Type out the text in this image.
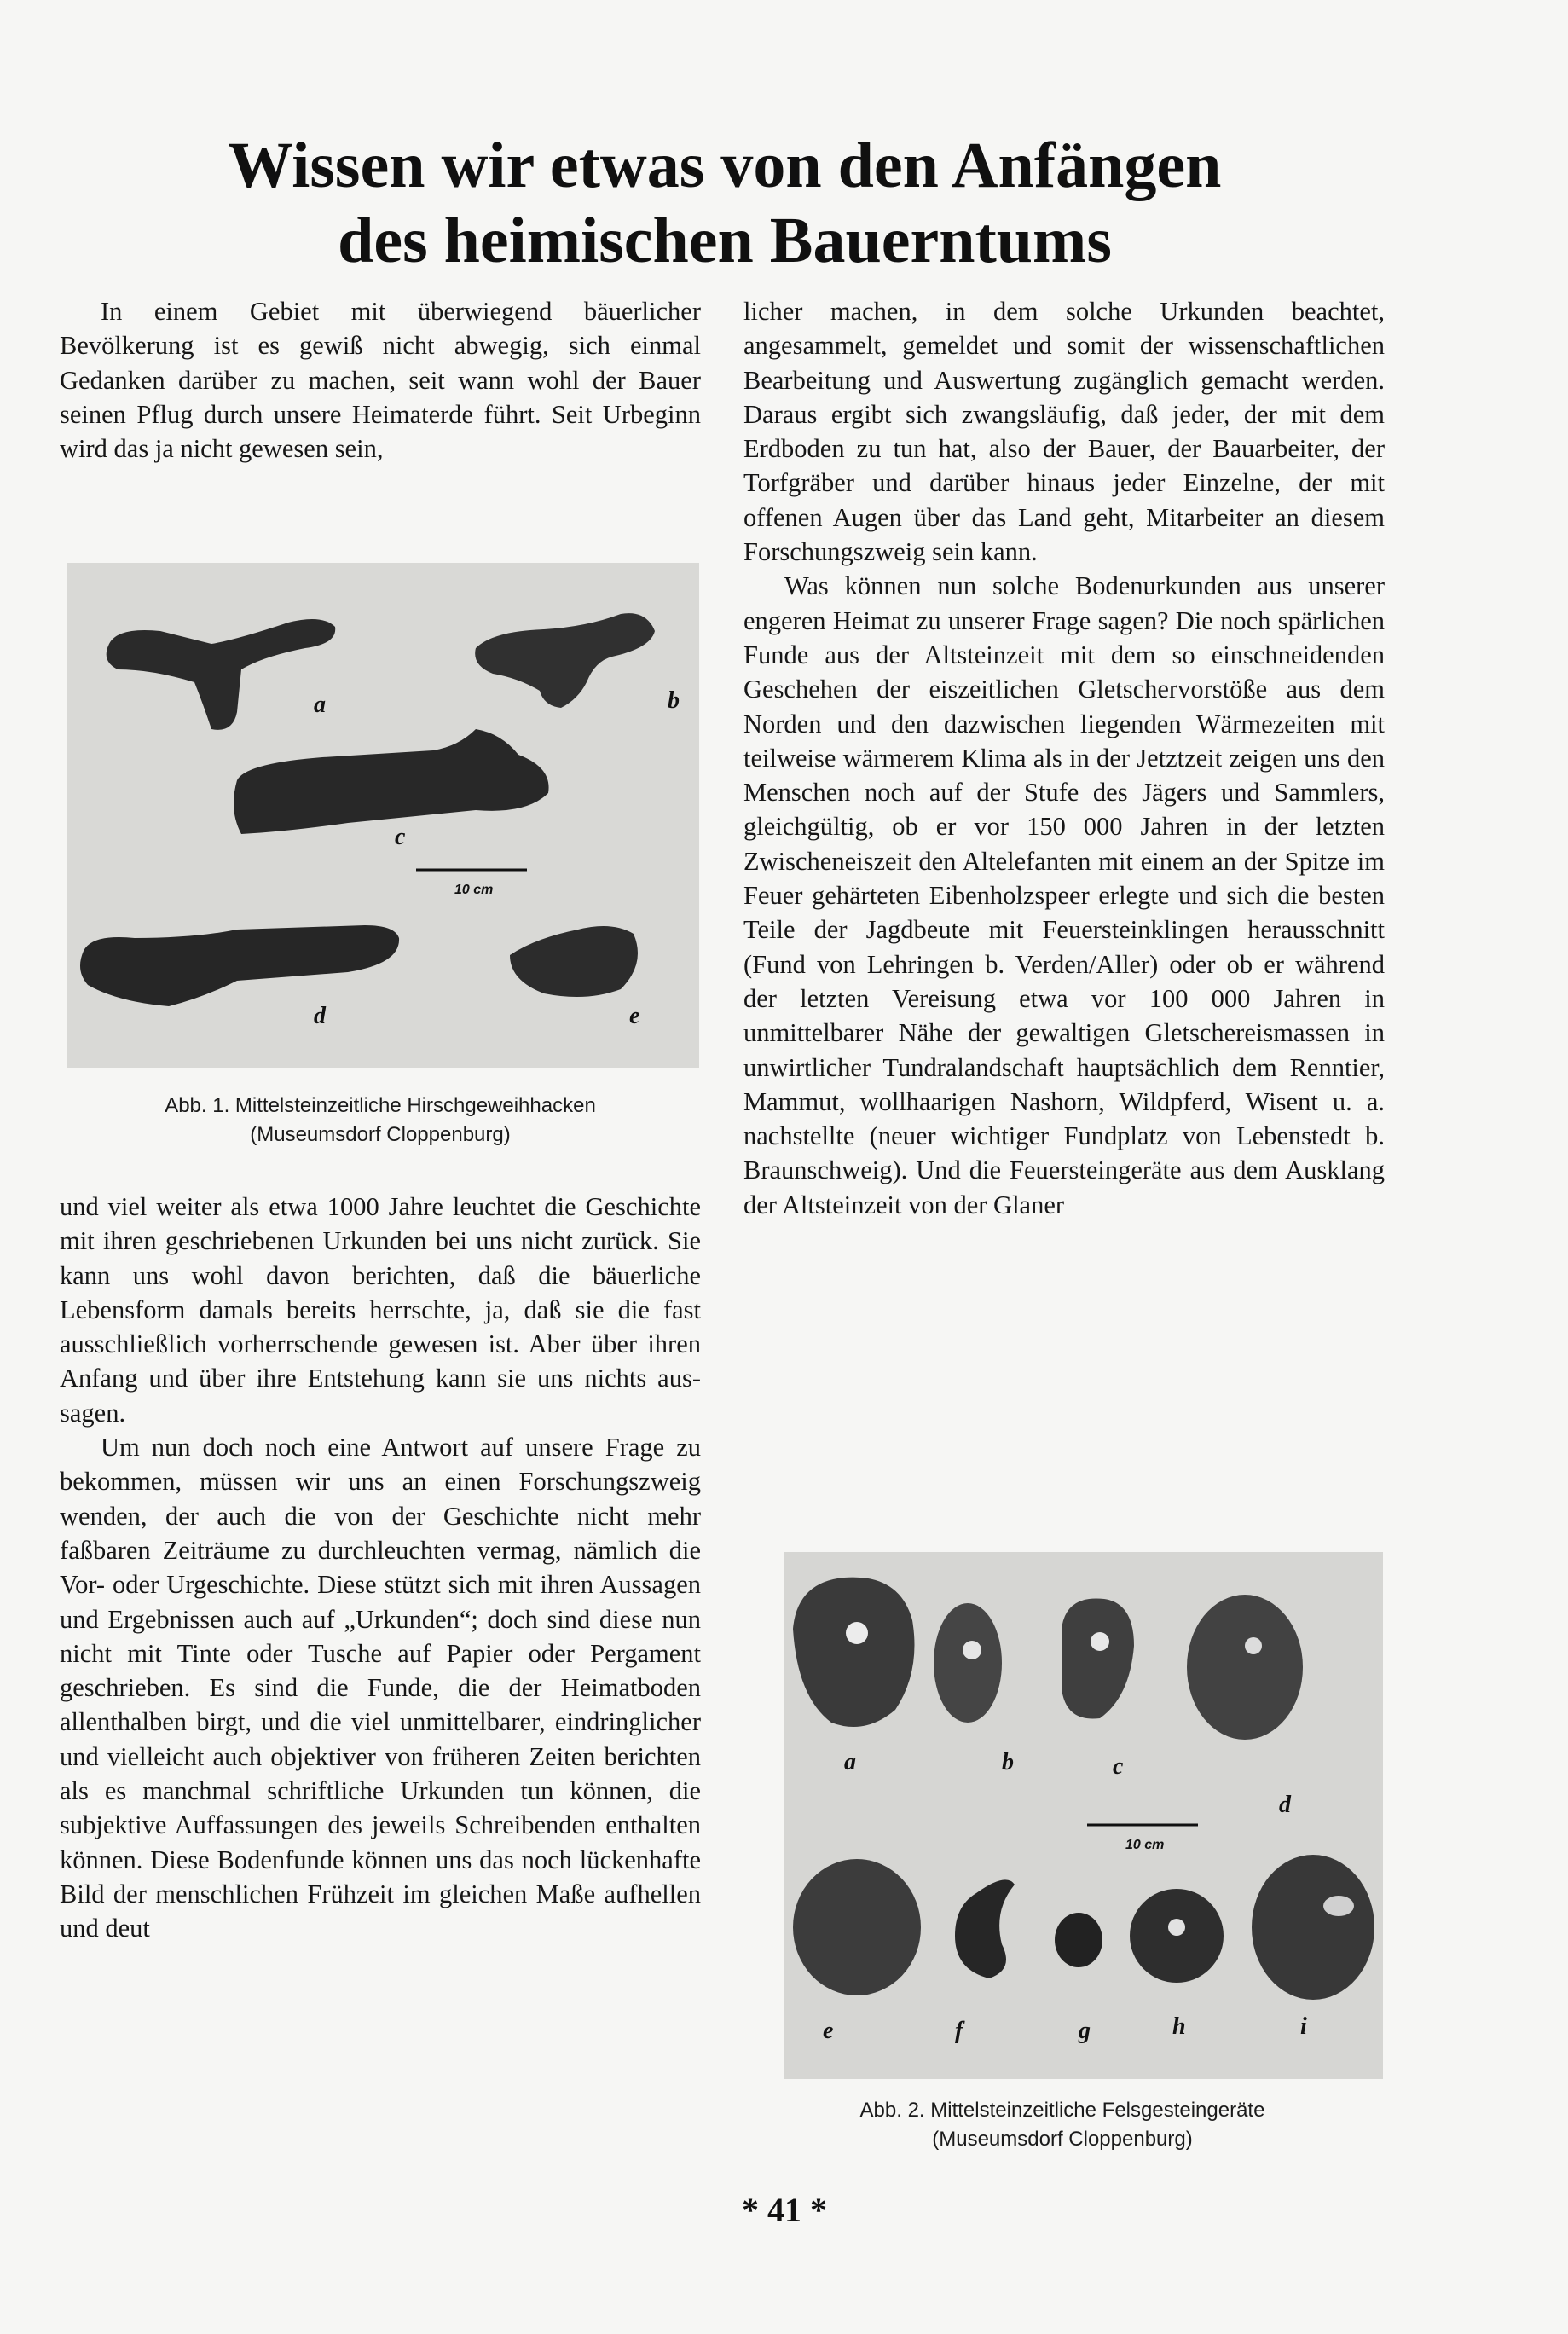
Wissen wir etwas von den Anfängen
des heimischen Bauerntums

In einem Gebiet mit überwiegend bäuerlicher Bevölkerung ist es gewiß nicht abwegig, sich einmal Gedanken darüber zu machen, seit wann wohl der Bauer seinen Pflug durch unsere Heimaterde führt. Seit Urbeginn wird das ja nicht gewesen sein,

10 cm
a	b
c
d	e
Abb. 1. Mittelsteinzeitliche Hirschgeweihhacken
(Museumsdorf Cloppenburg)

und viel weiter als etwa 1000 Jahre leuchtet die Geschichte mit ihren geschriebenen Urkunden bei uns nicht zurück. Sie kann uns wohl davon berichten, daß die bäuerliche Lebensform damals bereits herrschte, ja, daß sie die fast ausschließlich vorherrschende gewesen ist. Aber über ihren Anfang und über ihre Entstehung kann sie uns nichts aussagen.

Um nun doch noch eine Antwort auf unsere Frage zu bekommen, müssen wir uns an einen Forschungszweig wenden, der auch die von der Geschichte nicht mehr faßbaren Zeiträume zu durchleuchten vermag, nämlich die Vor- oder Urgeschichte. Diese stützt sich mit ihren Aussagen und Ergebnissen auch auf „Urkunden“; doch sind diese nun nicht mit Tinte oder Tusche auf Papier oder Pergament geschrieben. Es sind die Funde, die der Heimatboden allenthalben birgt, und die viel unmittelbarer, eindringlicher und vielleicht auch objektiver von früheren Zeiten berichten als es manchmal schriftliche Urkunden tun können, die subjektive Auffassungen des jeweils Schreibenden enthalten können. Diese Bodenfunde können uns das noch lückenhafte Bild der menschlichen Frühzeit im gleichen Maße aufhellen und deut

licher machen, in dem solche Urkunden beachtet, angesammelt, gemeldet und somit der wissenschaftlichen Bearbeitung und Auswertung zugänglich gemacht werden. Daraus ergibt sich zwangsläufig, daß jeder, der mit dem Erdboden zu tun hat, also der Bauer, der Bauarbeiter, der Torfgräber und darüber hinaus jeder Einzelne, der mit offenen Augen über das Land geht, Mitarbeiter an diesem Forschungszweig sein kann.

Was können nun solche Bodenurkunden aus unserer engeren Heimat zu unserer Frage sagen? Die noch spärlichen Funde aus der Altsteinzeit mit dem so einschneidenden Geschehen der eiszeitlichen Gletschervorstöße aus dem Norden und den dazwischen liegenden Wärmezeiten mit teilweise wärmerem Klima als in der Jetztzeit zeigen uns den Menschen noch auf der Stufe des Jägers und Sammlers, gleichgültig, ob er vor 150 000 Jahren in der letzten Zwischeneiszeit den Altelefanten mit einem an der Spitze im Feuer gehärteten Eibenholzspeer erlegte und sich die besten Teile der Jagdbeute mit Feuersteinklingen herausschnitt (Fund von Lehringen b. Verden/Aller) oder ob er während der letzten Vereisung etwa vor 100 000 Jahren in unmittelbarer Nähe der gewaltigen Gletschereismassen in unwirtlicher Tundralandschaft hauptsächlich dem Renntier, Mammut, wollhaarigen Nashorn, Wildpferd, Wisent u. a. nachstellte (neuer wichtiger Fundplatz von Lebenstedt b. Braunschweig). Und die Feuersteingeräte aus dem Ausklang der Altsteinzeit von der Glaner

10 cm
a	b	c
d
e	f	g	h	i
Abb. 2. Mittelsteinzeitliche Felsgesteingeräte
(Museumsdorf Cloppenburg)
* 41 *
